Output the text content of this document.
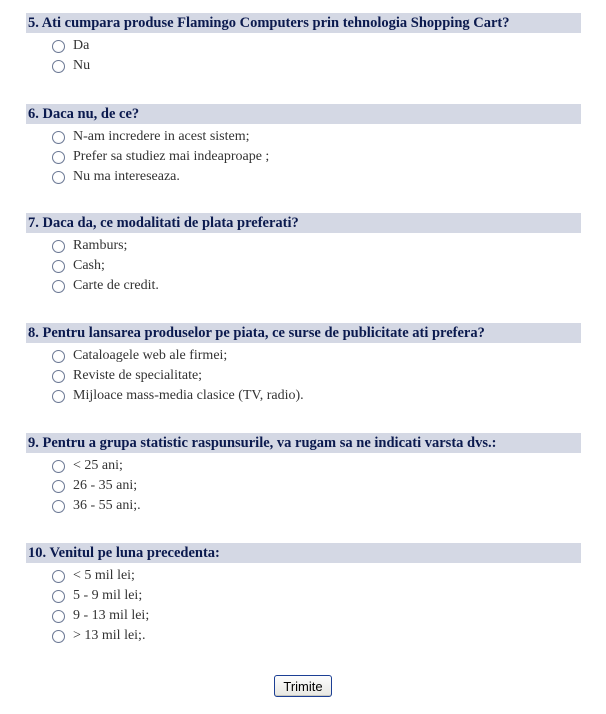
5. Ati cumpara produse Flamingo Computers prin tehnologia Shopping Cart?
Da
Nu
6. Daca nu, de ce?
N-am incredere in acest sistem;
Prefer sa studiez mai indeaproape ;
Nu ma intereseaza.
7. Daca da, ce modalitati de plata preferati?
Ramburs;
Cash;
Carte de credit.
8. Pentru lansarea produselor pe piata, ce surse de publicitate ati prefera?
Cataloagele web ale firmei;
Reviste de specialitate;
Mijloace mass-media clasice (TV, radio).
9. Pentru a grupa statistic raspunsurile, va rugam sa ne indicati varsta dvs.:
< 25 ani;
26 - 35 ani;
36 - 55 ani;.
10. Venitul pe luna precedenta:
< 5 mil lei;
5 - 9 mil lei;
9 - 13 mil lei;
> 13 mil lei;.
Trimite
